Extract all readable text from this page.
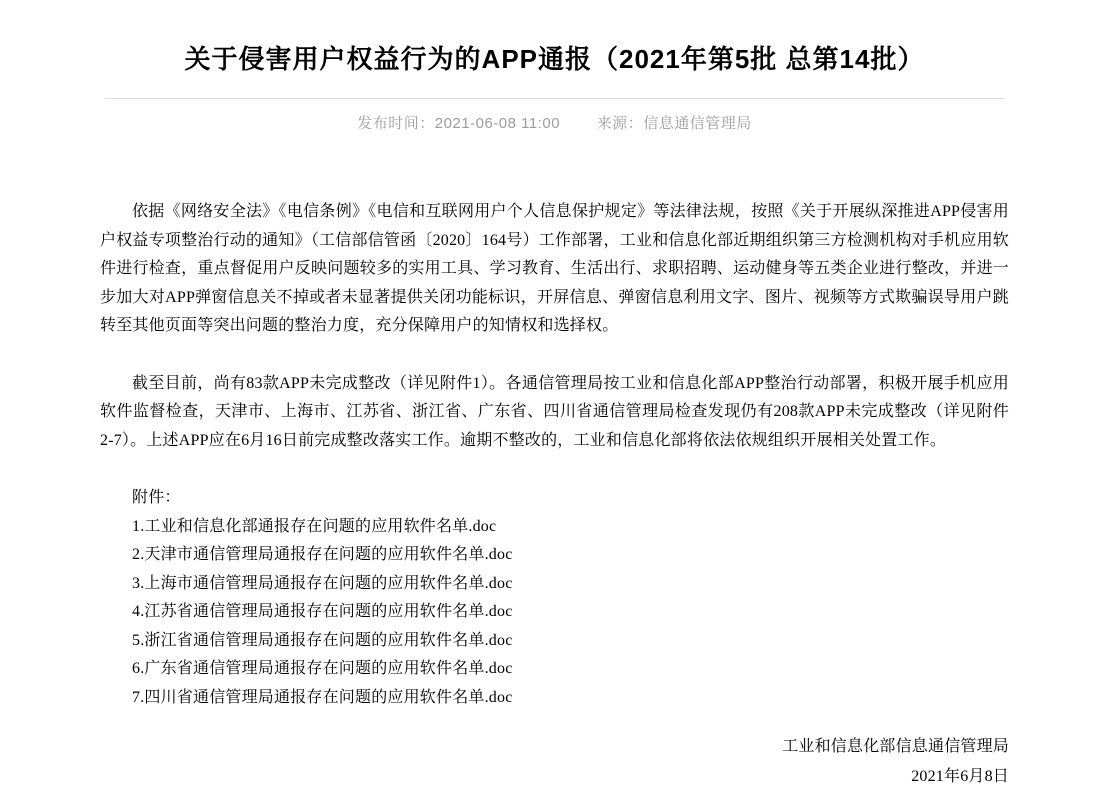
关于侵害用户权益行为的APP通报（2021年第5批 总第14批）
发布时间：2021-06-08 11:00 来源：信息通信管理局

依据《网络安全法》《电信条例》《电信和互联网用户个人信息保护规定》等法律法规，按照《关于开展纵深推进APP侵害用户权益专项整治行动的通知》（工信部信管函〔2020〕164号）工作部署，工业和信息化部近期组织第三方检测机构对手机应用软件进行检查，重点督促用户反映问题较多的实用工具、学习教育、生活出行、求职招聘、运动健身等五类企业进行整改，并进一步加大对APP弹窗信息关不掉或者未显著提供关闭功能标识，开屏信息、弹窗信息利用文字、图片、视频等方式欺骗误导用户跳转至其他页面等突出问题的整治力度，充分保障用户的知情权和选择权。

截至目前，尚有83款APP未完成整改（详见附件1）。各通信管理局按工业和信息化部APP整治行动部署，积极开展手机应用软件监督检查，天津市、上海市、江苏省、浙江省、广东省、四川省通信管理局检查发现仍有208款APP未完成整改（详见附件2-7）。上述APP应在6月16日前完成整改落实工作。逾期不整改的，工业和信息化部将依法依规组织开展相关处置工作。

附件：

1.工业和信息化部通报存在问题的应用软件名单.doc

2.天津市通信管理局通报存在问题的应用软件名单.doc

3.上海市通信管理局通报存在问题的应用软件名单.doc

4.江苏省通信管理局通报存在问题的应用软件名单.doc

5.浙江省通信管理局通报存在问题的应用软件名单.doc

6.广东省通信管理局通报存在问题的应用软件名单.doc

7.四川省通信管理局通报存在问题的应用软件名单.doc

工业和信息化部信息通信管理局

2021年6月8日
